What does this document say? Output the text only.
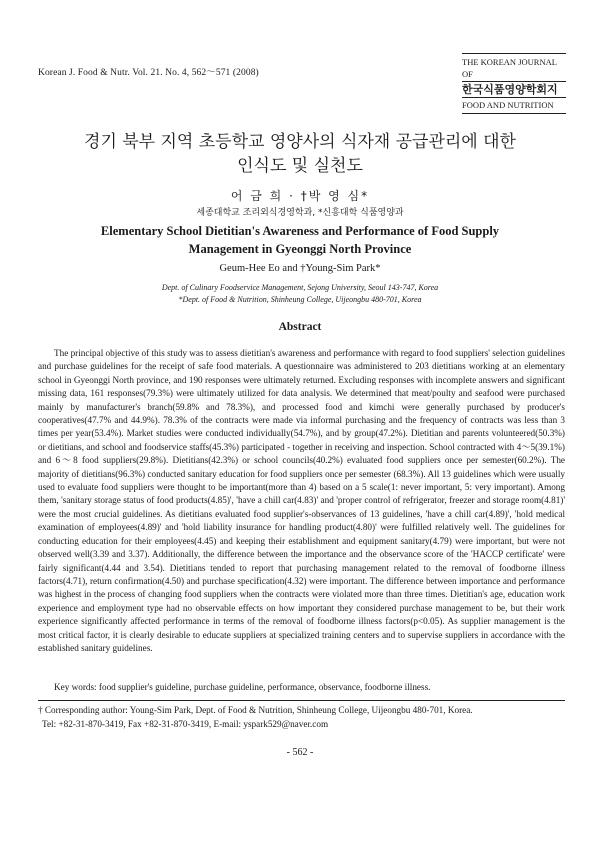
Korean J. Food & Nutr. Vol. 21. No. 4, 562～571 (2008)
THE KOREAN JOURNAL OF
한국식품영양학회지
FOOD AND NUTRITION
경기 북부 지역 초등학교 영양사의 식자재 공급관리에 대한
인식도 및 실천도
어 금 희 · †박 영 심*
세종대학교 조리외식경영학과, *신흥대학 식품영양과
Elementary School Dietitian's Awareness and Performance of Food Supply
Management in Gyeonggi North Province
Geum-Hee Eo and †Young-Sim Park*
Dept. of Culinary Foodservice Management, Sejong University, Seoul 143-747, Korea
*Dept. of Food & Nutrition, Shinheung College, Uijeongbu 480-701, Korea
Abstract

The principal objective of this study was to assess dietitian's awareness and performance with regard to food suppliers' selection guidelines and purchase guidelines for the receipt of safe food materials. A questionnaire was administered to 203 dietitians working at an elementary school in Gyeonggi North province, and 190 responses were ultimately returned. Excluding responses with incomplete answers and significant missing data, 161 responses(79.3%) were ultimately utilized for data analysis. We determined that meat/poulty and seafood were purchased mainly by manufacturer's branch(59.8% and 78.3%), and processed food and kimchi were generally purchased by producer's cooperatives(47.7% and 44.9%). 78.3% of the contracts were made via informal purchasing and the frequency of contracts was less than 3 times per year(53.4%). Market studies were conducted individually(54.7%), and by group(47.2%). Dietitian and parents volunteered(50.3%) or dietitians, and school and foodservice staffs(45.3%) participated - together in receiving and inspection. School contracted with 4～5(39.1%) and 6～8 food suppliers(29.8%). Dietitians(42.3%) or school councils(40.2%) evaluated food suppliers once per semester(60.2%). The majority of dietitians(96.3%) conducted sanitary education for food suppliers once per semester (68.3%). All 13 guidelines which were usually used to evaluate food suppliers were thought to be important(more than 4) based on a 5 scale(1: never important, 5: very important). Among them, 'sanitary storage status of food products(4.85)', 'have a chill car(4.83)' and 'proper control of refrigerator, freezer and storage room(4.81)' were the most crucial guidelines. As dietitians evaluated food supplier's-observances of 13 guidelines, 'have a chill car(4.89)', 'hold medical examination of employees(4.89)' and 'hold liability insurance for handling product(4.80)' were fulfilled relatively well. The guidelines for conducting education for their employees(4.45) and keeping their establishment and equipment sanitary(4.79) were important, but were not observed well(3.39 and 3.37). Additionally, the difference between the importance and the observance score of the 'HACCP certificate' were fairly significant(4.44 and 3.54). Dietitians tended to report that purchasing management related to the removal of foodborne illness factors(4.71), return confirmation(4.50) and purchase specification(4.32) were important. The difference between importance and performance was highest in the process of changing food suppliers when the contracts were violated more than three times. Dietitian's age, education work experience and employment type had no observable effects on how important they considered purchase management to be, but their work experience significantly affected performance in terms of the removal of foodborne illness factors(p<0.05). As supplier management is the most critical factor, it is clearly desirable to educate suppliers at specialized training centers and to supervise suppliers in accordance with the established sanitary guidelines.

Key words: food supplier's guideline, purchase guideline, performance, observance, foodborne illness.

† Corresponding author: Young-Sim Park, Dept. of Food & Nutrition, Shinheung College, Uijeongbu 480-701, Korea.
Tel: +82-31-870-3419, Fax +82-31-870-3419, E-mail: yspark529@naver.com
- 562 -
